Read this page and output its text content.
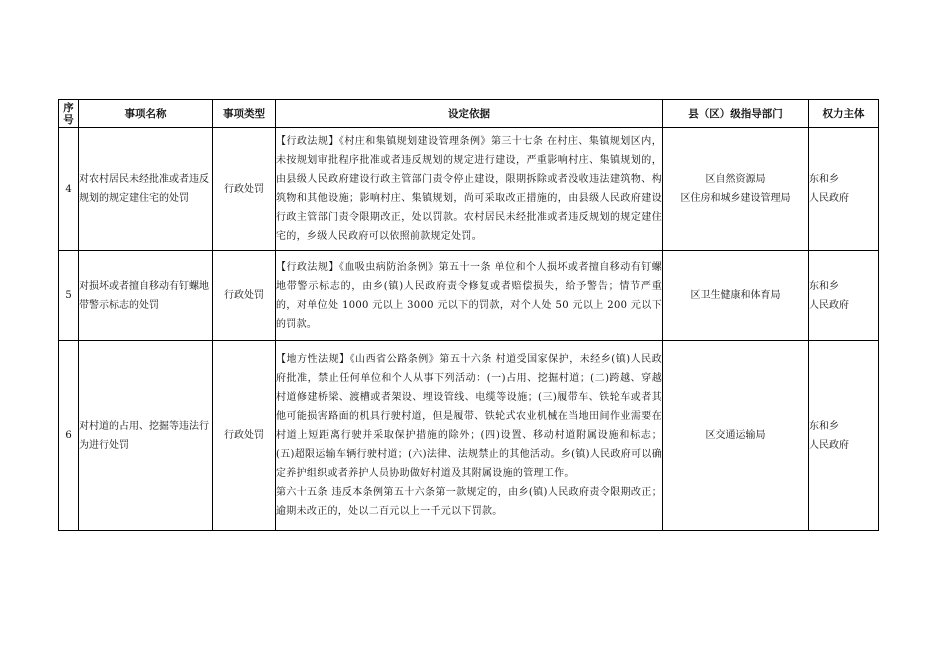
序号	事项名称	事项类型	设定依据	县（区）级指导部门	权力主体
4	对农村居民未经批准或者违反规划的规定建住宅的处罚	行政处罚	【行政法规】《村庄和集镇规划建设管理条例》第三十七条 在村庄、集镇规划区内，未按规划审批程序批准或者违反规划的规定进行建设，严重影响村庄、集镇规划的，由县级人民政府建设行政主管部门责令停止建设，限期拆除或者没收违法建筑物、构筑物和其他设施；影响村庄、集镇规划，尚可采取改正措施的，由县级人民政府建设行政主管部门责令限期改正，处以罚款。农村居民未经批准或者违反规划的规定建住宅的，乡级人民政府可以依照前款规定处罚。	区自然资源局
区住房和城乡建设管理局	东和乡
人民政府

5	对损坏或者擅自移动有钉螺地带警示标志的处罚	行政处罚	【行政法规】《血吸虫病防治条例》第五十一条 单位和个人损坏或者擅自移动有钉螺地带警示标志的，由乡(镇)人民政府责令修复或者赔偿损失，给予警告；情节严重的，对单位处 1000 元以上 3000 元以下的罚款，对个人处 50 元以上 200 元以下的罚款。	区卫生健康和体育局	东和乡
人民政府

6	对村道的占用、挖掘等违法行为进行处罚	行政处罚	【地方性法规】《山西省公路条例》第五十六条 村道受国家保护，未经乡(镇)人民政府批准，禁止任何单位和个人从事下列活动：(一)占用、挖掘村道；(二)跨越、穿越村道修建桥梁、渡槽或者架设、埋设管线、电缆等设施；(三)履带车、铁轮车或者其他可能损害路面的机具行驶村道，但是履带、铁轮式农业机械在当地田间作业需要在村道上短距离行驶并采取保护措施的除外；(四)设置、移动村道附属设施和标志；(五)超限运输车辆行驶村道；(六)法律、法规禁止的其他活动。乡(镇)人民政府可以确定养护组织或者养护人员协助做好村道及其附属设施的管理工作。
第六十五条 违反本条例第五十六条第一款规定的，由乡(镇)人民政府责令限期改正；逾期未改正的，处以二百元以上一千元以下罚款。	区交通运输局	东和乡
人民政府
